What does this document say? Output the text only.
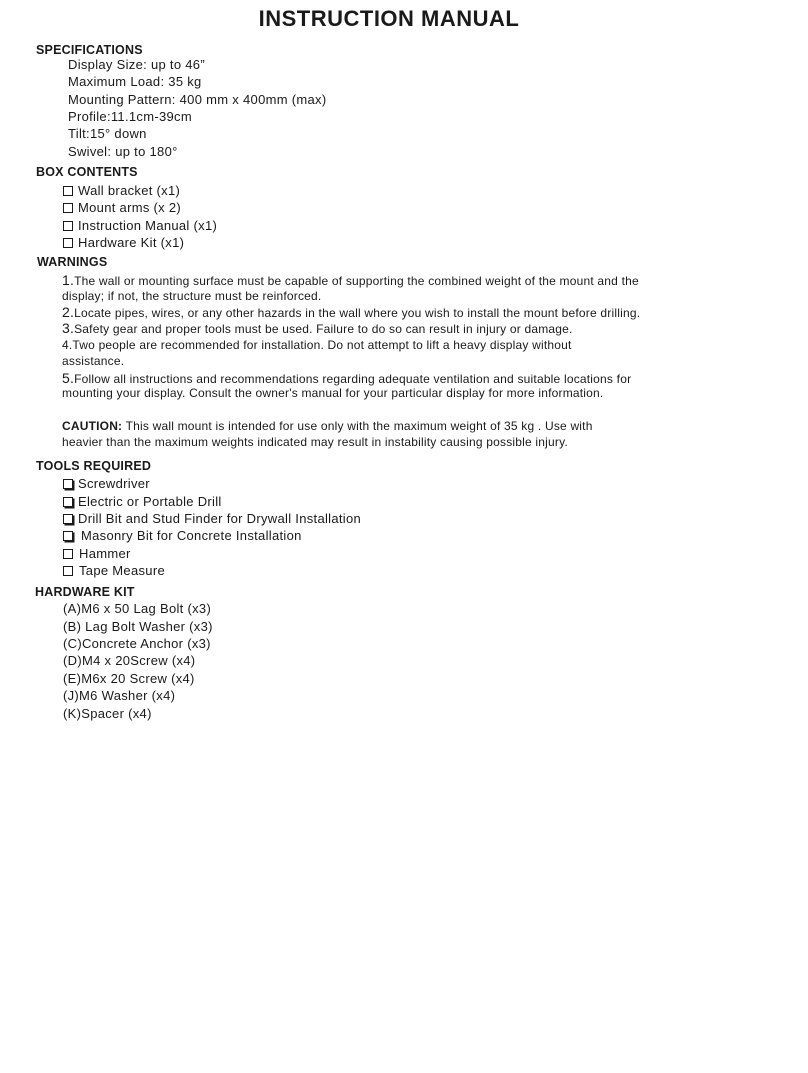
INSTRUCTION MANUAL
SPECIFICATIONS
Display Size: up to 46”
Maximum Load: 35 kg
Mounting Pattern: 400 mm x 400mm (max)
Profile:11.1cm-39cm
Tilt:15° down
Swivel: up to 180°
BOX CONTENTS
Wall bracket (x1)
Mount arms (x 2)
Instruction Manual (x1)
Hardware Kit (x1)
WARNINGS
1.The wall or mounting surface must be capable of supporting the combined weight of the mount and the
display; if not, the structure must be reinforced.
2.Locate pipes, wires, or any other hazards in the wall where you wish to install the mount before drilling.
3.Safety gear and proper tools must be used. Failure to do so can result in injury or damage.
4.Two people are recommended for installation. Do not attempt to lift a heavy display without
assistance.
5.Follow all instructions and recommendations regarding adequate ventilation and suitable locations for
mounting your display. Consult the owner's manual for your particular display for more information.
CAUTION: This wall mount is intended for use only with the maximum weight of 35 kg . Use with
heavier than the maximum weights indicated may result in instability causing possible injury.
TOOLS REQUIRED
Screwdriver
Electric or Portable Drill
Drill Bit and Stud Finder for Drywall Installation
Masonry Bit for Concrete Installation
Hammer
Tape Measure
HARDWARE KIT
(A)M6 x 50 Lag Bolt (x3)
(B) Lag Bolt Washer (x3)
(C)Concrete Anchor (x3)
(D)M4 x 20Screw (x4)
(E)M6x 20 Screw (x4)
(J)M6 Washer (x4)
(K)Spacer (x4)
